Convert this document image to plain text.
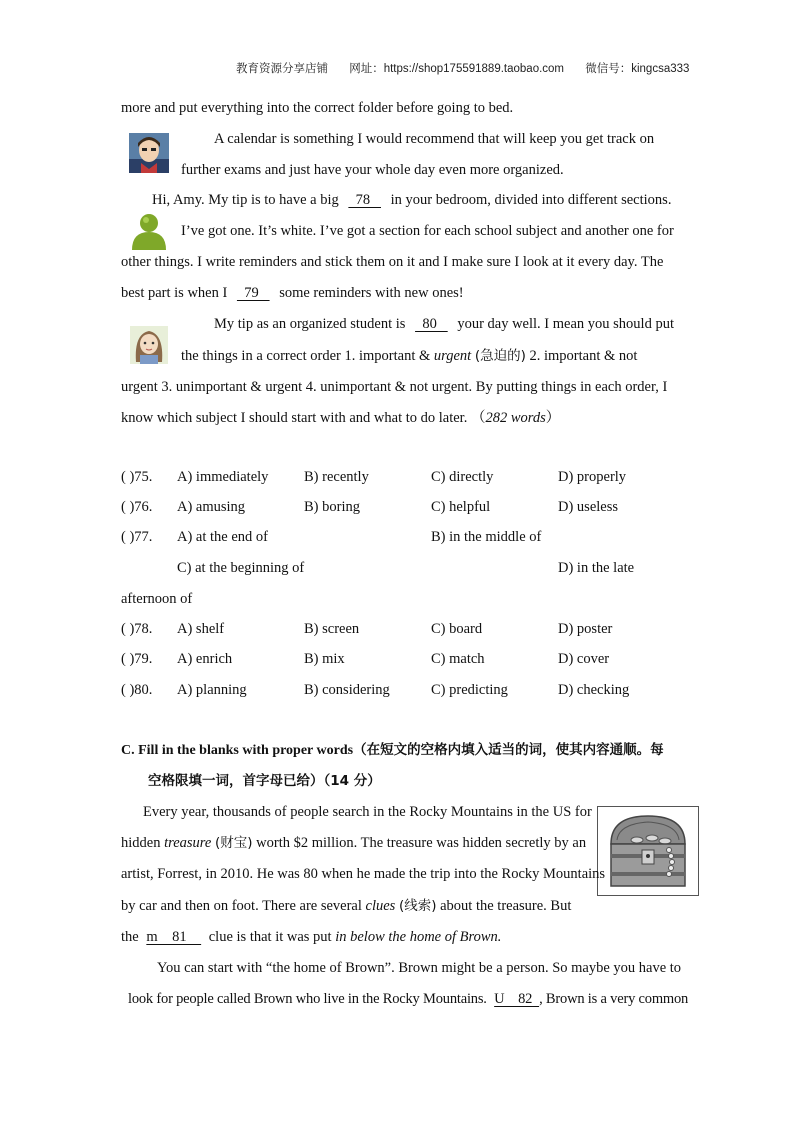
教育资源分享店铺 网址：https://shop175591889.taobao.com 微信号：kingcsa333
more and put everything into the correct folder before going to bed.
A calendar is something I would recommend that will keep you get track on
further exams and just have your whole day even more organized.
Hi, Amy. My tip is to have a big   78    in your bedroom, divided into different sections.
I’ve got one. It’s white. I’ve got a section for each school subject and another one for
other things. I write reminders and stick them on it and I make sure I look at it every day. The
best part is when I   79    some reminders with new ones!
My tip as an organized student is   80    your day well. I mean you should put
the things in a correct order 1. important & urgent (急迫的) 2. important & not
urgent 3. unimportant & urgent 4. unimportant & not urgent. By putting things in each order, I
know which subject I should start with and what to do later. （282 words）
( )75. A) immediately B) recently	C) directly	D) properly
( )76. A) amusing	B) boring	C) helpful	D) useless
( )77. A) at the end of	B) in the middle of
C) at the beginning of	D) in the late
afternoon of
( )78. A) shelf	B) screen	C) board	D) poster
( )79. A) enrich	B) mix	C) match	D) cover
( )80. A) planning	B) considering	C) predicting	D) checking
C. Fill in the blanks with proper words（在短文的空格内填入适当的词，使其内容通顺。每
空格限填一词，首字母已给）（14 分）
Every year, thousands of people search in the Rocky Mountains in the US for
hidden treasure (财宝) worth $2 million. The treasure was hidden secretly by an
artist, Forrest, in 2010. He was 80 when he made the trip into the Rocky Mountains
by car and then on foot. There are several clues (线索) about the treasure. But
the m    81     clue is that it was put in below the home of Brown.
You can start with “the home of Brown”. Brown might be a person. So maybe you have to
look for people called Brown who live in the Rocky Mountains. U    82  , Brown is a very common
